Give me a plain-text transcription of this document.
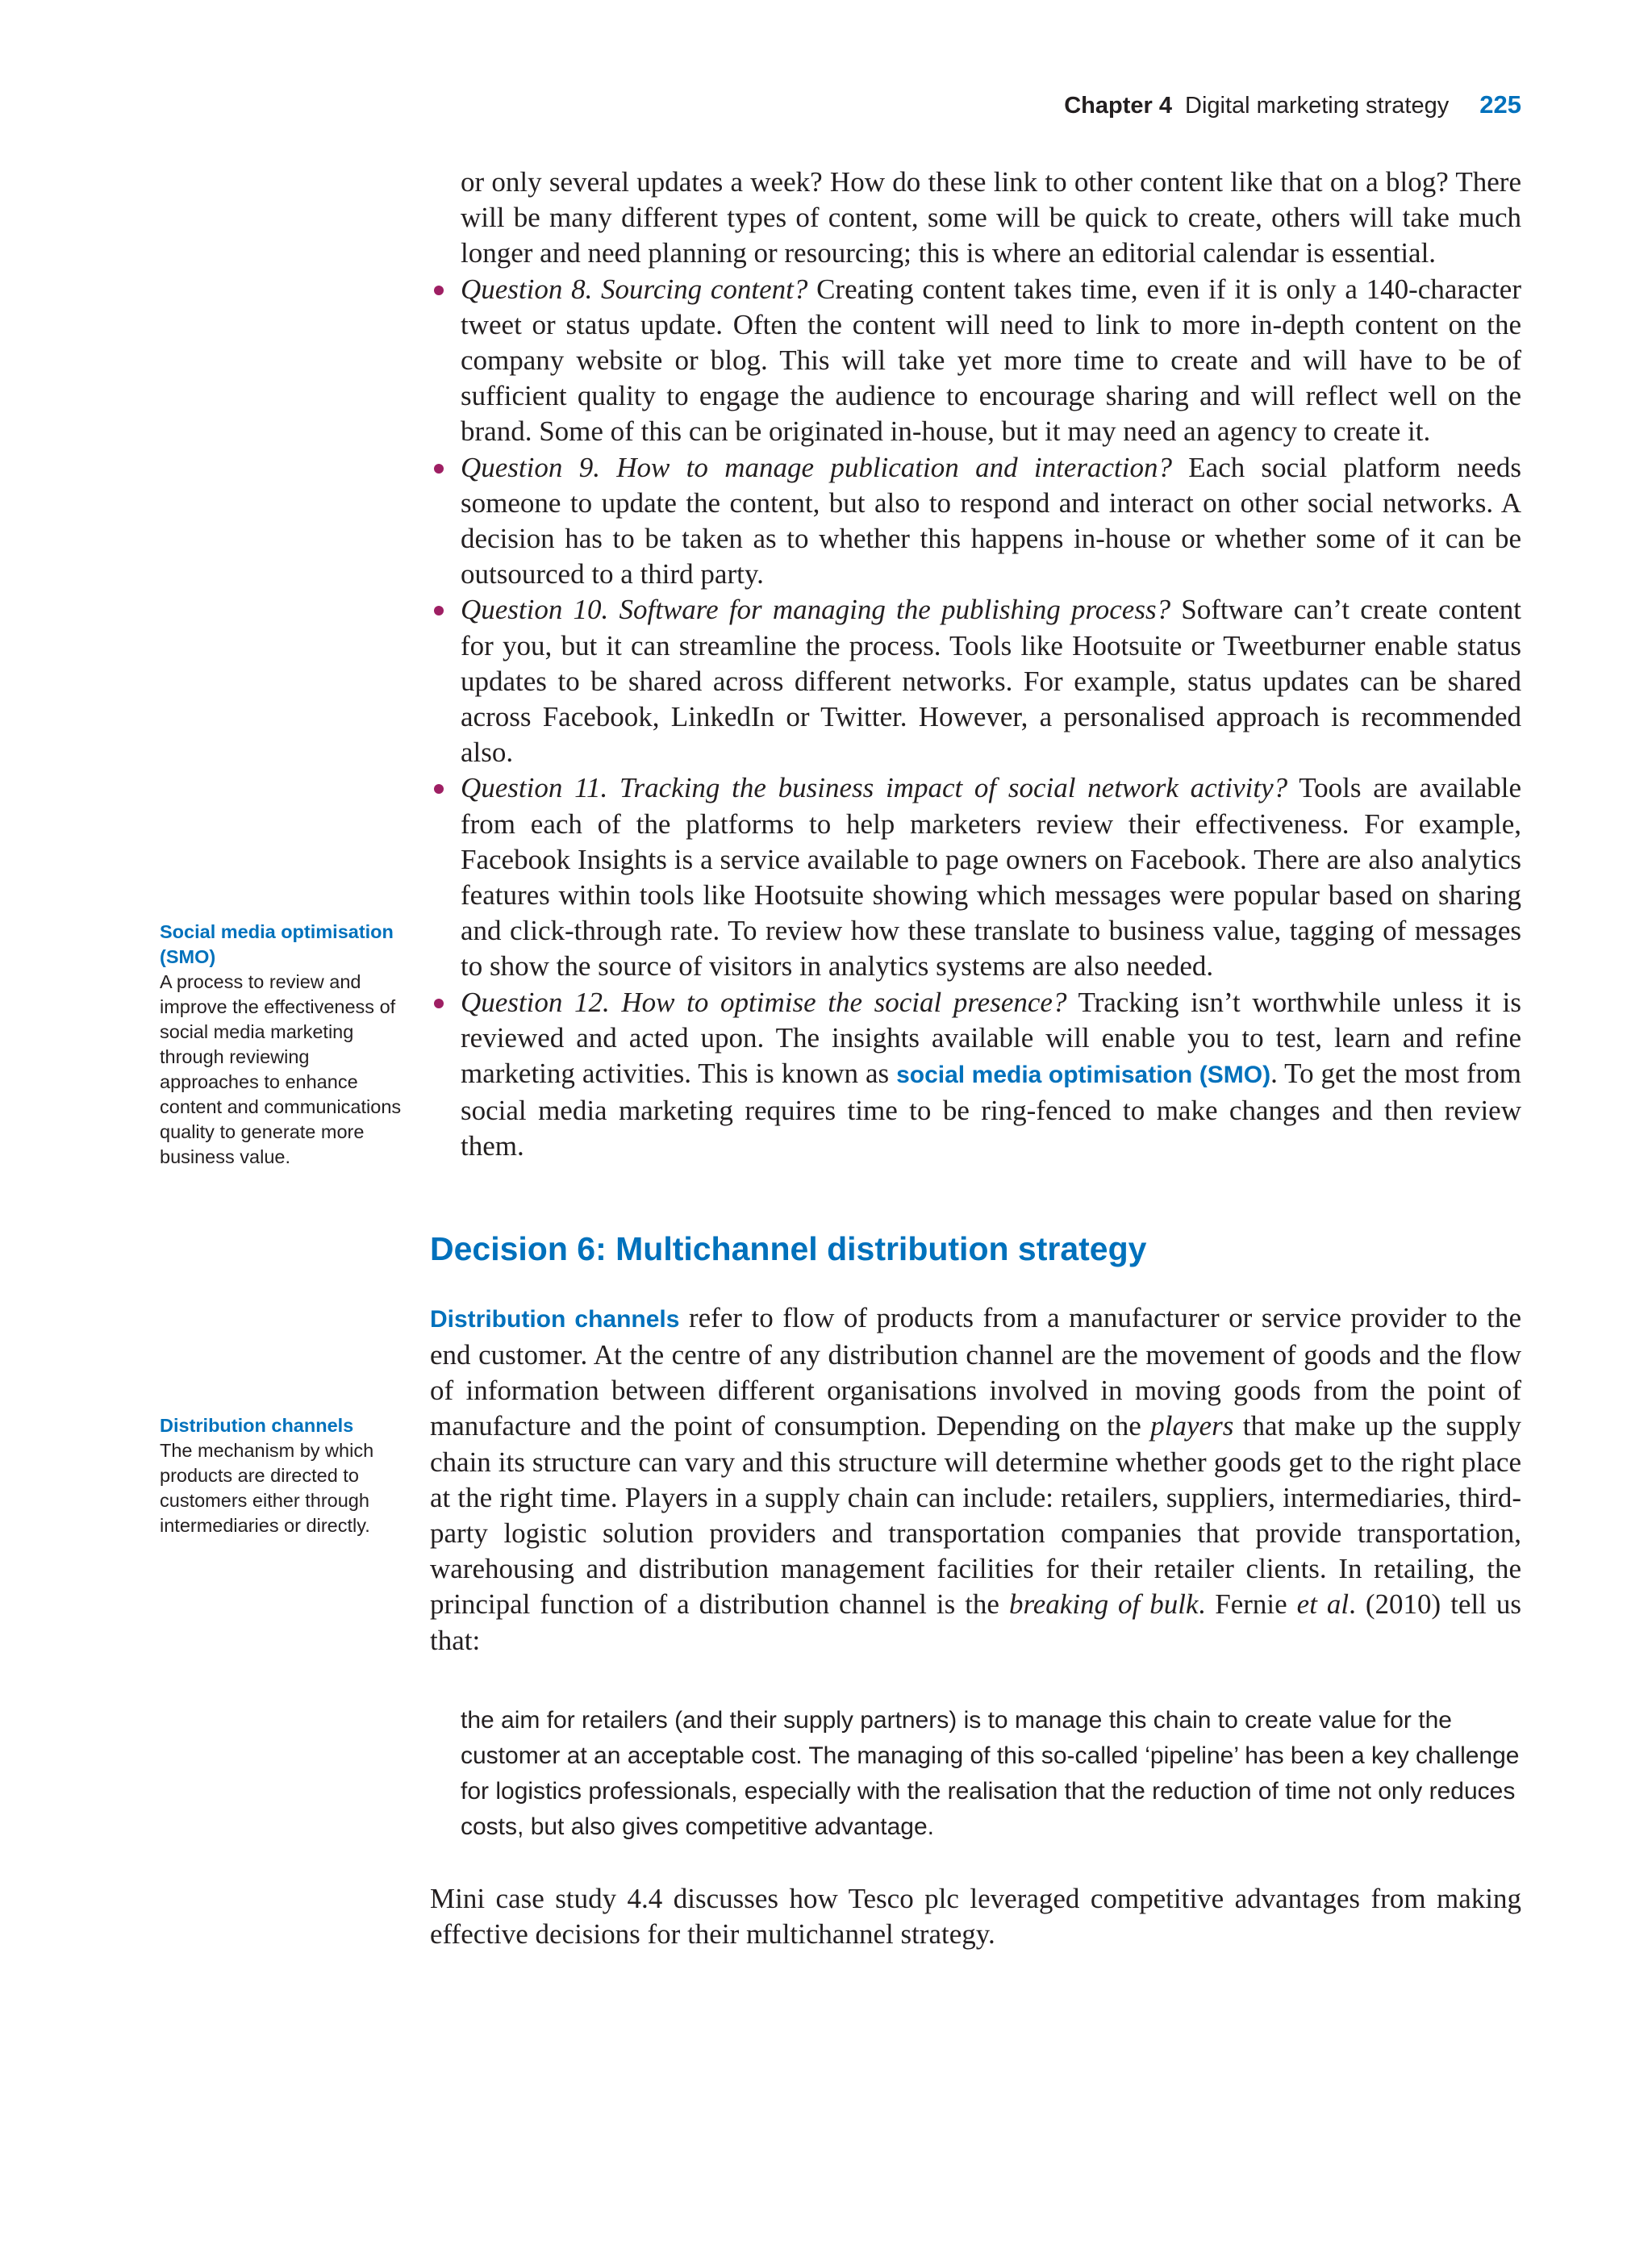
Chapter 4 Digital marketing strategy 225
Social media optimisation (SMO)
A process to review and improve the effectiveness of social media marketing through reviewing approaches to enhance content and communications quality to generate more business value.
Distribution channels
The mechanism by which products are directed to customers either through intermediaries or directly.

or only several updates a week? How do these link to other content like that on a blog? There will be many different types of content, some will be quick to create, others will take much longer and need planning or resourcing; this is where an editorial calendar is essential.

Question 8. Sourcing content? Creating content takes time, even if it is only a 140-character tweet or status update. Often the content will need to link to more in-depth content on the company website or blog. This will take yet more time to create and will have to be of sufficient quality to engage the audience to encourage sharing and will reflect well on the brand. Some of this can be originated in-house, but it may need an agency to create it.
Question 9. How to manage publication and interaction? Each social platform needs someone to update the content, but also to respond and interact on other social networks. A decision has to be taken as to whether this happens in-house or whether some of it can be outsourced to a third party.
Question 10. Software for managing the publishing process? Software can’t create content for you, but it can streamline the process. Tools like Hootsuite or Tweetburner enable status updates to be shared across different networks. For example, status updates can be shared across Facebook, LinkedIn or Twitter. However, a personalised approach is recommended also.
Question 11. Tracking the business impact of social network activity? Tools are available from each of the platforms to help marketers review their effectiveness. For example, Facebook Insights is a service available to page owners on Facebook. There are also analytics features within tools like Hootsuite showing which messages were popular based on sharing and click-through rate. To review how these translate to business value, tagging of messages to show the source of visitors in analytics systems are also needed.
Question 12. How to optimise the social presence? Tracking isn’t worthwhile unless it is reviewed and acted upon. The insights available will enable you to test, learn and refine marketing activities. This is known as social media optimisation (SMO). To get the most from social media marketing requires time to be ring-fenced to make changes and then review them.
Decision 6: Multichannel distribution strategy

Distribution channels refer to flow of products from a manufacturer or service provider to the end customer. At the centre of any distribution channel are the movement of goods and the flow of information between different organisations involved in moving goods from the point of manufacture and the point of consumption. Depending on the players that make up the supply chain its structure can vary and this structure will determine whether goods get to the right place at the right time. Players in a supply chain can include: retailers, suppliers, intermediaries, third-party logistic solution providers and transportation companies that provide transportation, warehousing and distribution management facilities for their retailer clients. In retailing, the principal function of a distribution channel is the breaking of bulk. Fernie et al. (2010) tell us that:

the aim for retailers (and their supply partners) is to manage this chain to create value for the customer at an acceptable cost. The managing of this so-called ‘pipeline’ has been a key challenge for logistics professionals, especially with the realisation that the reduction of time not only reduces costs, but also gives competitive advantage.

Mini case study 4.4 discusses how Tesco plc leveraged competitive advantages from making effective decisions for their multichannel strategy.
